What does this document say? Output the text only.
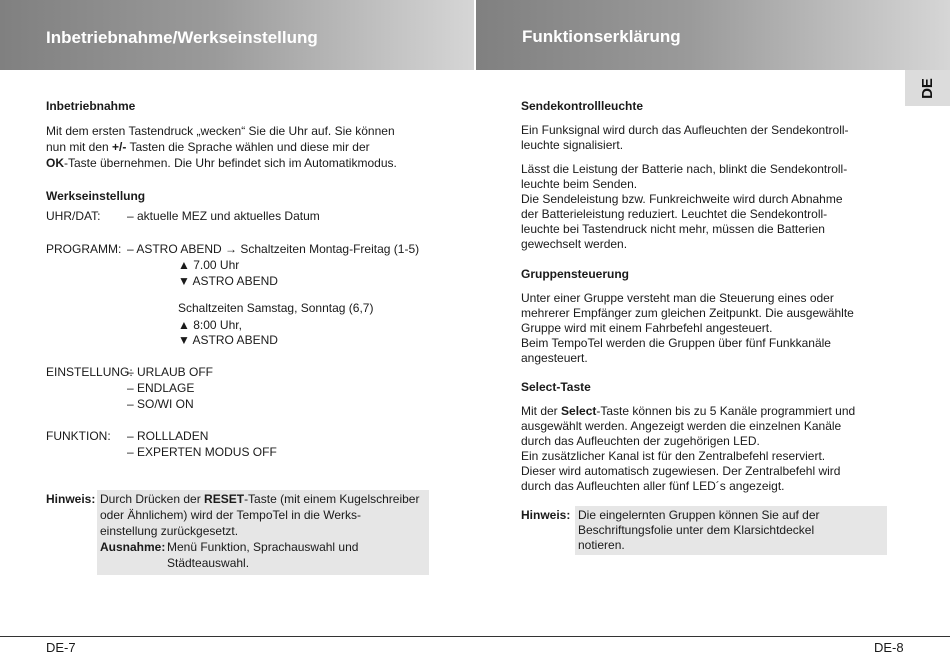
Inbetriebnahme/Werkseinstellung	Funktionserklärung
DE
Inbetriebnahme
Mit dem ersten Tastendruck „wecken“ Sie die Uhr auf. Sie können
nun mit den +/- Tasten die Sprache wählen und diese mir der
OK-Taste übernehmen. Die Uhr befindet sich im Automatikmodus.
Werkseinstellung
UHR/DAT: – aktuelle MEZ und aktuelles Datum
PROGRAMM: – ASTRO ABEND → Schaltzeiten Montag-Freitag (1-5)
▲ 7.00 Uhr
▼ ASTRO ABEND
Schaltzeiten Samstag, Sonntag (6,7)
▲ 8:00 Uhr,
▼ ASTRO ABEND
EINSTELLUNG:
– URLAUB OFF
– ENDLAGE
– SO/WI ON
FUNKTION: – ROLLLADEN
– EXPERTEN MODUS OFF
Hinweis: Durch Drücken der RESET-Taste (mit einem Kugelschreiber
oder Ähnlichem) wird der TempoTel in die Werks-
einstellung zurückgesetzt.
Ausnahme: Menü Funktion, Sprachauswahl und
Städteauswahl.
Sendekontrollleuchte
Ein Funksignal wird durch das Aufleuchten der Sendekontroll-
leuchte signalisiert.
Lässt die Leistung der Batterie nach, blinkt die Sendekontroll-
leuchte beim Senden.
Die Sendeleistung bzw. Funkreichweite wird durch Abnahme
der Batterieleistung reduziert. Leuchtet die Sendekontroll-
leuchte bei Tastendruck nicht mehr, müssen die Batterien
gewechselt werden.
Gruppensteuerung
Unter einer Gruppe versteht man die Steuerung eines oder
mehrerer Empfänger zum gleichen Zeitpunkt. Die ausgewählte
Gruppe wird mit einem Fahrbefehl angesteuert.
Beim TempoTel werden die Gruppen über fünf Funkkanäle
angesteuert.
Select-Taste
Mit der Select-Taste können bis zu 5 Kanäle programmiert und
ausgewählt werden. Angezeigt werden die einzelnen Kanäle
durch das Aufleuchten der zugehörigen LED.
Ein zusätzlicher Kanal ist für den Zentralbefehl reserviert.
Dieser wird automatisch zugewiesen. Der Zentralbefehl wird
durch das Aufleuchten aller fünf LED´s angezeigt.
Hinweis: Die eingelernten Gruppen können Sie auf der
Beschriftungsfolie unter dem Klarsichtdeckel
notieren.
DE-7	DE-8
